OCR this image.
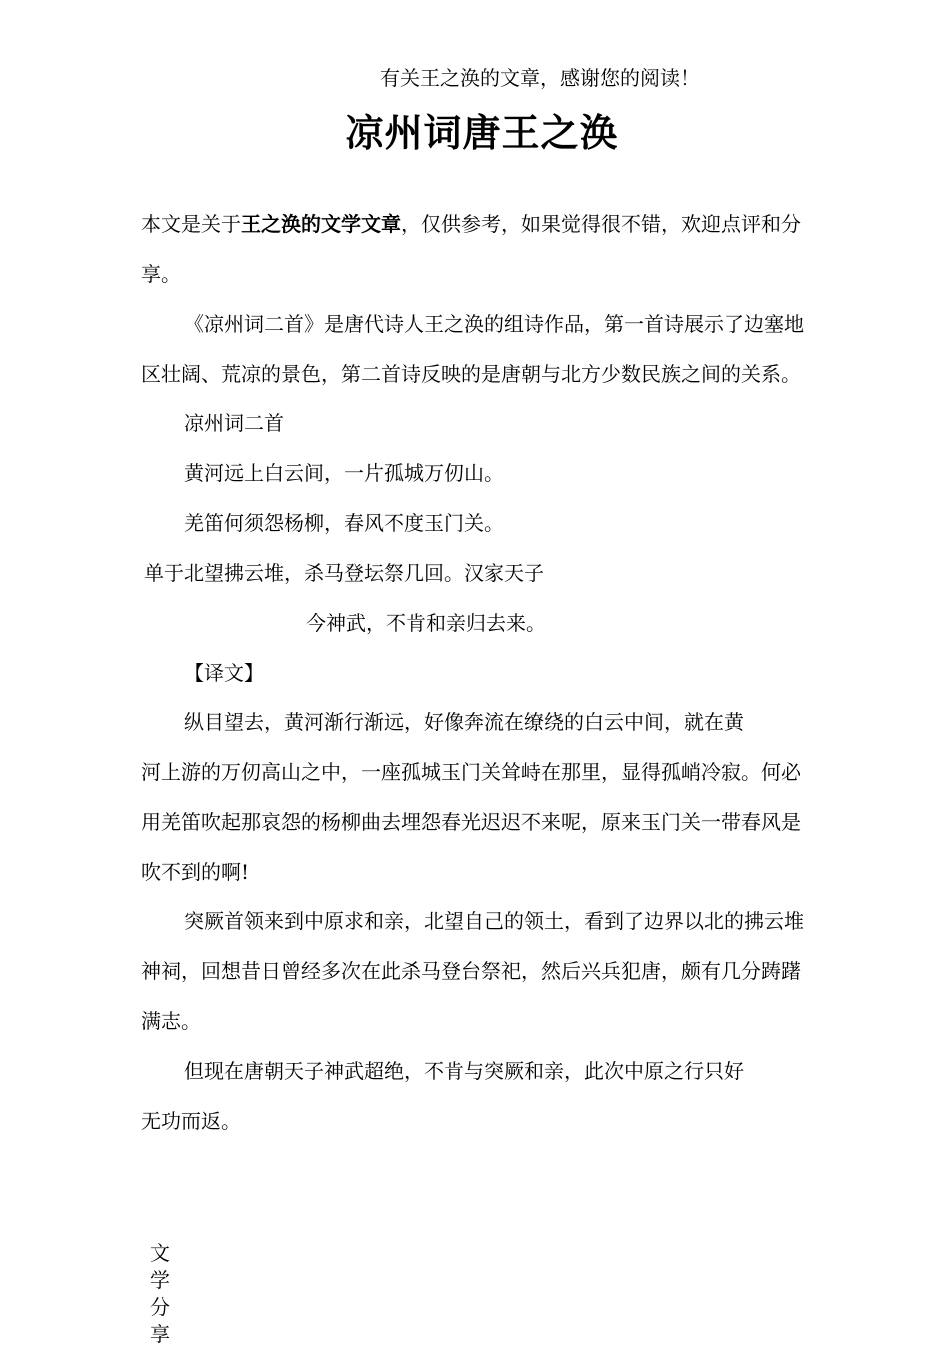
有关王之涣的文章，感谢您的阅读！
凉州词唐王之涣
本文是关于王之涣的文学文章，仅供参考，如果觉得很不错，欢迎点评和分
享。
《凉州词二首》是唐代诗人王之涣的组诗作品，第一首诗展示了边塞地
区壮阔、荒凉的景色，第二首诗反映的是唐朝与北方少数民族之间的关系。
凉州词二首
黄河远上白云间，一片孤城万仞山。
羌笛何须怨杨柳，春风不度玉门关。
单于北望拂云堆，杀马登坛祭几回。汉家天子
今神武，不肯和亲归去来。
【译文】
纵目望去，黄河渐行渐远，好像奔流在缭绕的白云中间，就在黄
河上游的万仞高山之中，一座孤城玉门关耸峙在那里，显得孤峭冷寂。何必
用羌笛吹起那哀怨的杨柳曲去埋怨春光迟迟不来呢，原来玉门关一带春风是
吹不到的啊!
突厥首领来到中原求和亲，北望自己的领土，看到了边界以北的拂云堆
神祠，回想昔日曾经多次在此杀马登台祭祀，然后兴兵犯唐，颇有几分踌躇
满志。
但现在唐朝天子神武超绝，不肯与突厥和亲，此次中原之行只好
无功而返。
文学分享
